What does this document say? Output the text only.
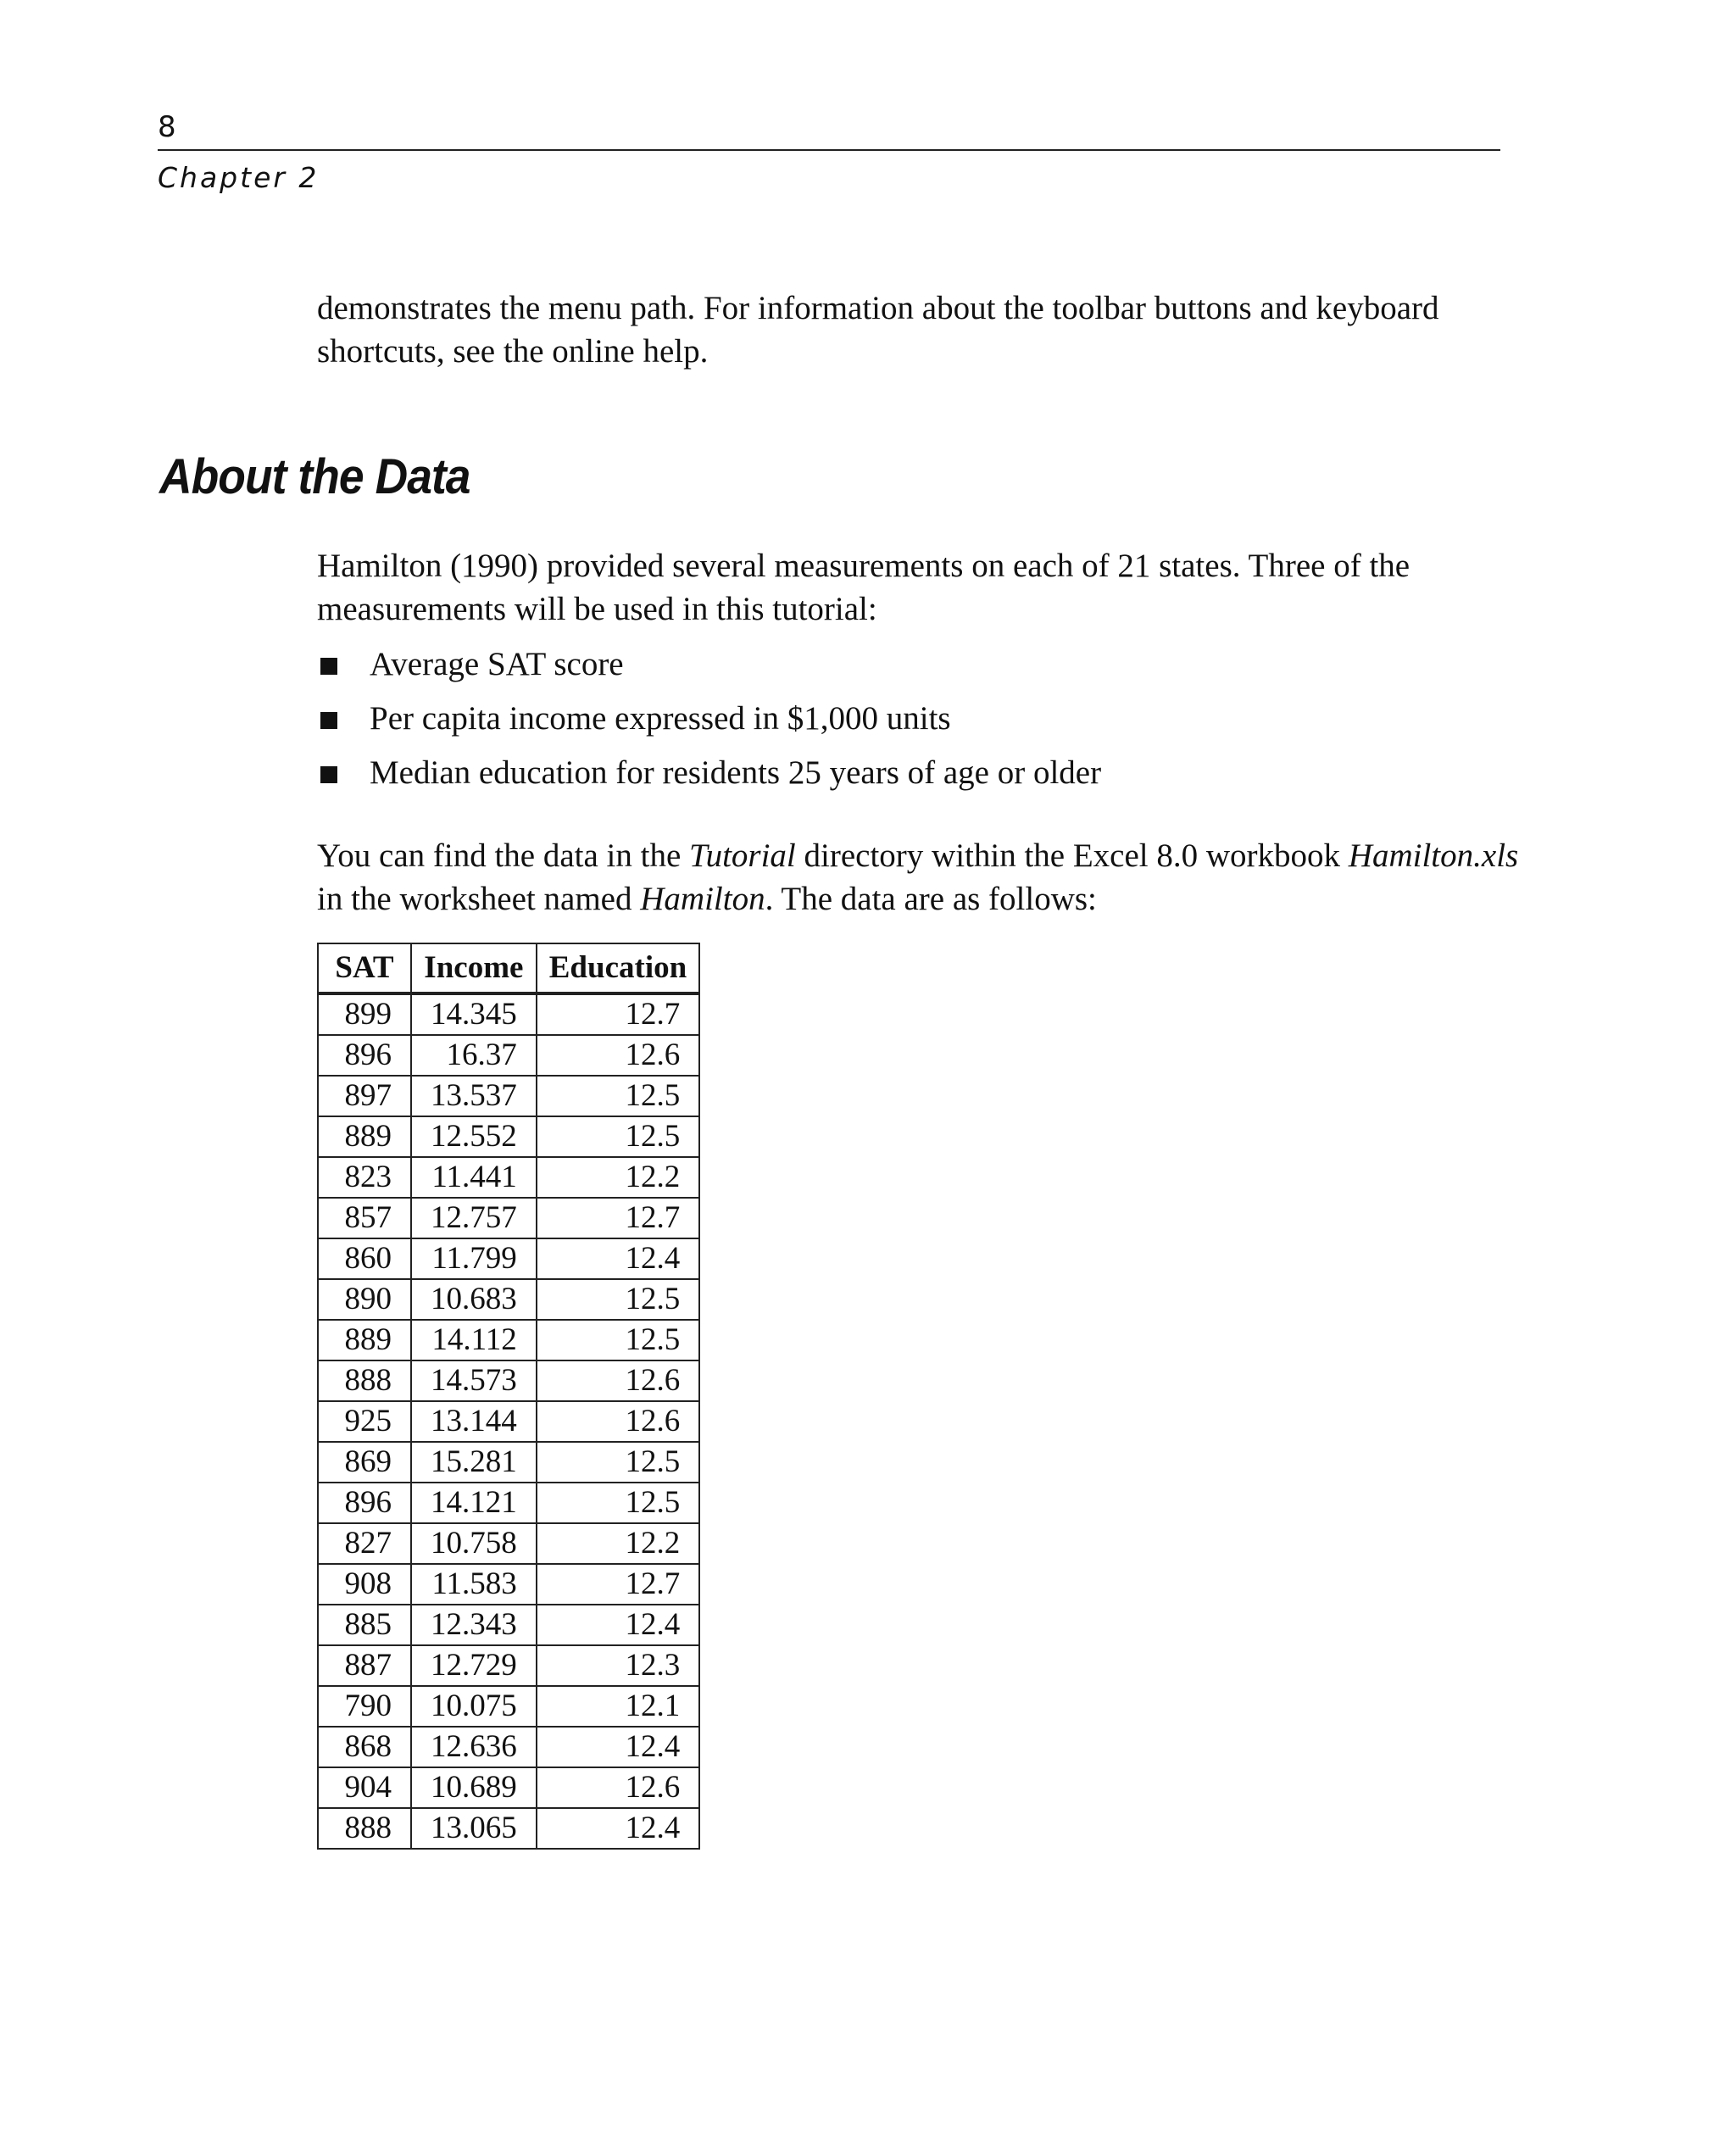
8
Chapter 2

demonstrates the menu path. For information about the toolbar buttons and keyboard shortcuts, see the online help.

About the Data

Hamilton (1990) provided several measurements on each of 21 states. Three of the measurements will be used in this tutorial:

Average SAT score
Per capita income expressed in $1,000 units
Median education for residents 25 years of age or older

You can find the data in the Tutorial directory within the Excel 8.0 workbook Hamilton.xls in the worksheet named Hamilton. The data are as follows:

SAT	Income	Education
899	14.345	12.7
896	16.37	12.6
897	13.537	12.5
889	12.552	12.5
823	11.441	12.2
857	12.757	12.7
860	11.799	12.4
890	10.683	12.5
889	14.112	12.5
888	14.573	12.6
925	13.144	12.6
869	15.281	12.5
896	14.121	12.5
827	10.758	12.2
908	11.583	12.7
885	12.343	12.4
887	12.729	12.3
790	10.075	12.1
868	12.636	12.4
904	10.689	12.6
888	13.065	12.4
